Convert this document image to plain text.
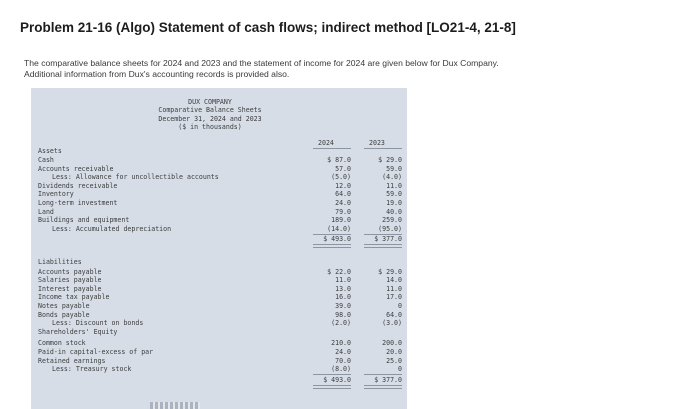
Problem 21-16 (Algo) Statement of cash flows; indirect method [LO21-4, 21-8]
The comparative balance sheets for 2024 and 2023 and the statement of income for 2024 are given below for Dux Company.
Additional information from Dux's accounting records is provided also.
DUX COMPANY
Comparative Balance Sheets
December 31, 2024 and 2023
($ in thousands)
2024	2023
Assets
Cash	$ 87.0	$ 29.0
Accounts receivable	57.0	59.0
Less: Allowance for uncollectible accounts	(5.0)	(4.0)
Dividends receivable	12.0	11.0
Inventory	64.0	59.0
Long-term investment	24.0	19.0
Land	79.0	40.0
Buildings and equipment	189.0	259.0
Less: Accumulated depreciation	(14.0)	(95.0)
$ 493.0	$ 377.0
Liabilities
Accounts payable	$ 22.0	$ 29.0
Salaries payable	11.0	14.0
Interest payable	13.0	11.0
Income tax payable	16.0	17.0
Notes payable	39.0	0
Bonds payable	98.0	64.0
Less: Discount on bonds	(2.0)	(3.0)
Shareholders' Equity
Common stock	210.0	200.0
Paid-in capital-excess of par	24.0	20.0
Retained earnings	70.0	25.0
Less: Treasury stock	(8.0)	0
$ 493.0	$ 377.0
